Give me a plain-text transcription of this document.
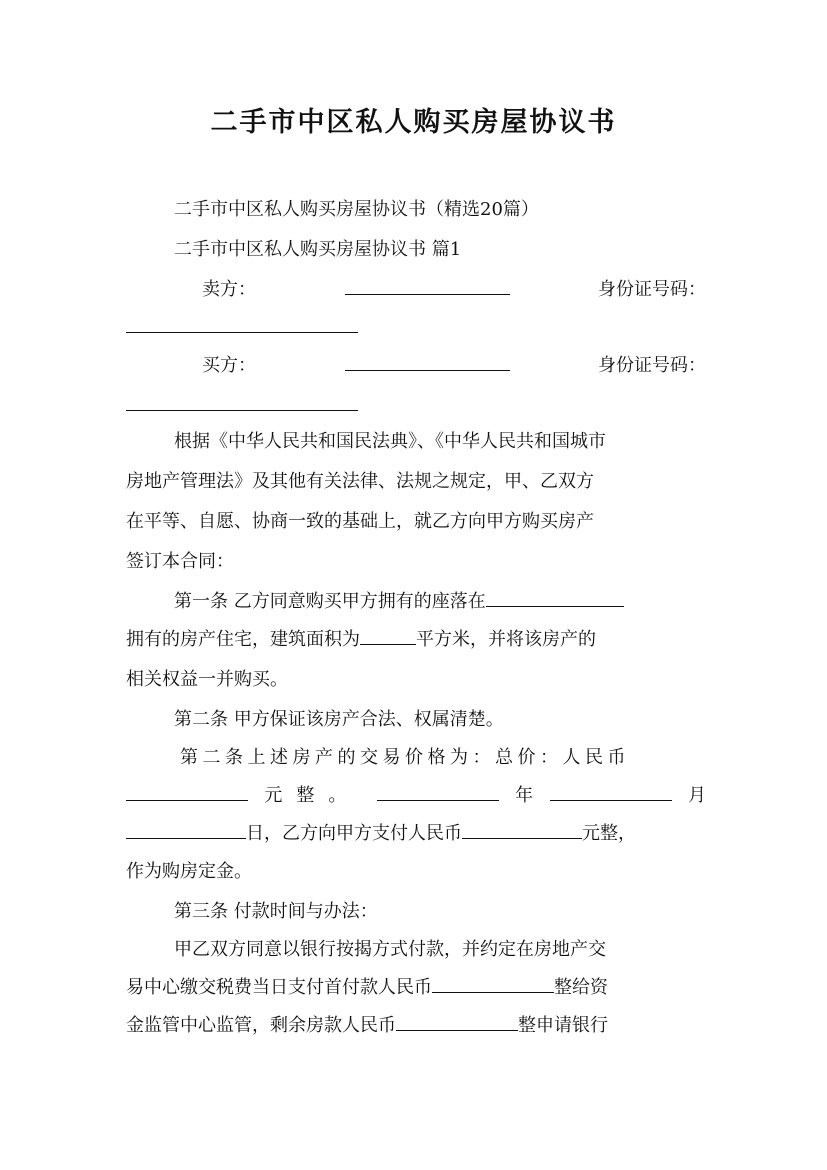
二手市中区私人购买房屋协议书

二手市中区私人购买房屋协议书（精选20篇）

二手市中区私人购买房屋协议书 篇1

卖方：	身份证号码：
买方：	身份证号码：

根据《中华人民共和国民法典》、《中华人民共和国城市

房地产管理法》及其他有关法律、法规之规定，甲、乙双方

在平等、自愿、协商一致的基础上，就乙方向甲方购买房产

签订本合同：

第一条 乙方同意购买甲方拥有的座落在
拥有的房产住宅，建筑面积为	平方米，并将该房产的

相关权益一并购买。

第二条 甲方保证该房产合法、权属清楚。

第二条上述房产的交易价格为：总价：人民币

元整。	年	月
日，乙方向甲方支付人民币	元整，

作为购房定金。

第三条 付款时间与办法：

甲乙双方同意以银行按揭方式付款，并约定在房地产交

易中心缴交税费当日支付首付款人民币	整给资
金监管中心监管，剩余房款人民币	整申请银行
